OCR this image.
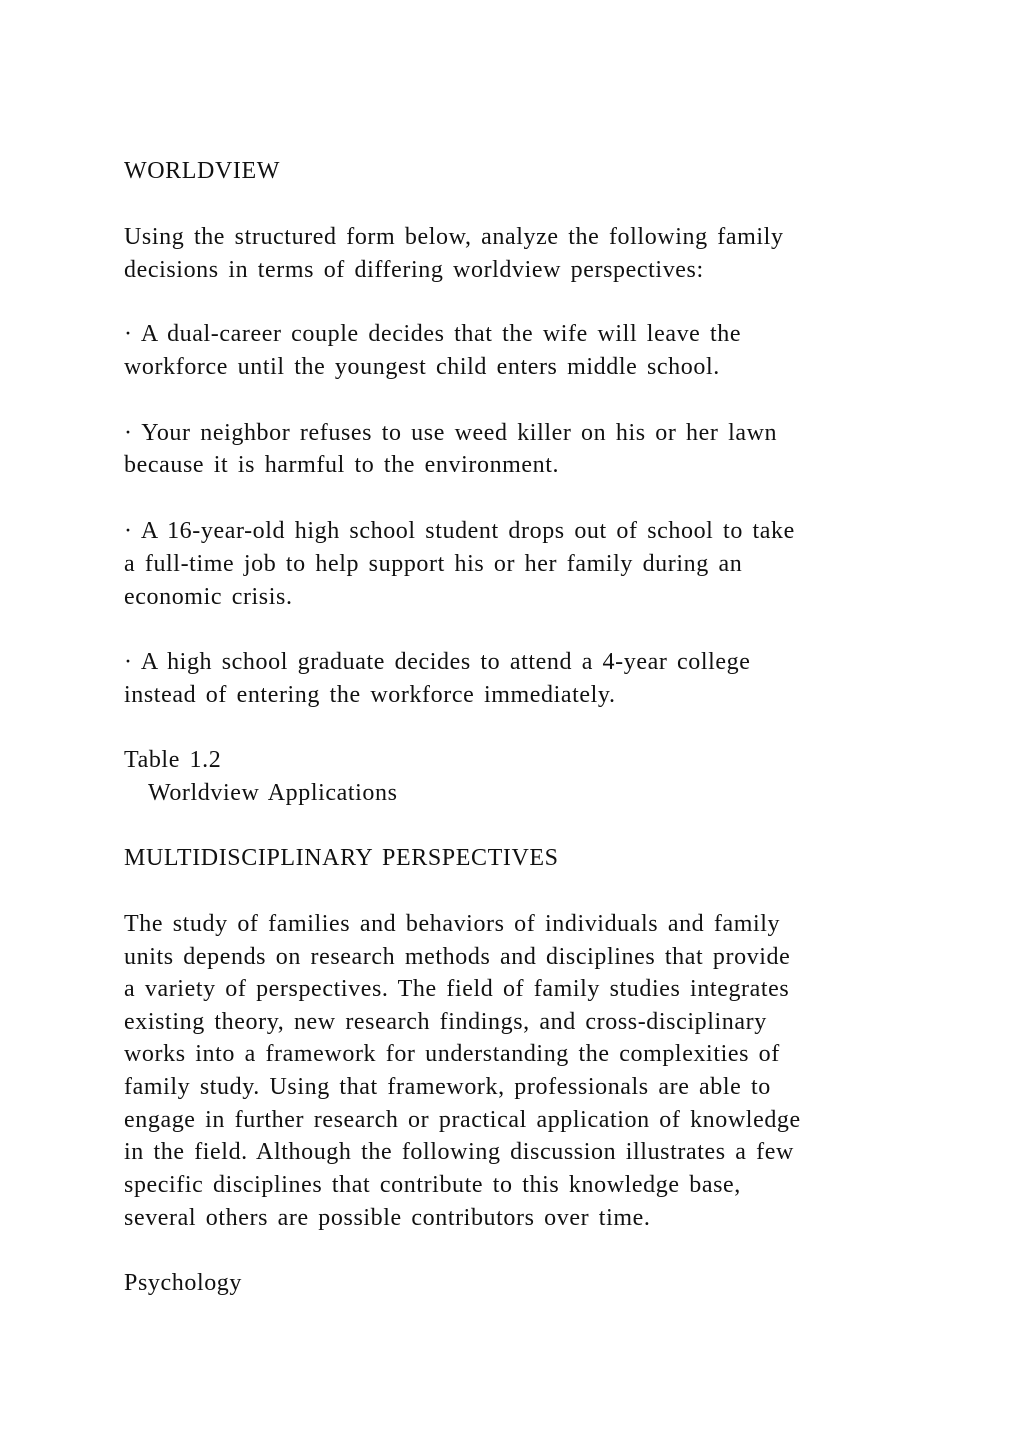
WORLDVIEW
Using the structured form below, analyze the following family
decisions in terms of differing worldview perspectives:
· A dual-career couple decides that the wife will leave the
workforce until the youngest child enters middle school.
· Your neighbor refuses to use weed killer on his or her lawn
because it is harmful to the environment.
· A 16-year-old high school student drops out of school to take
a full-time job to help support his or her family during an
economic crisis.
· A high school graduate decides to attend a 4-year college
instead of entering the workforce immediately.
Table 1.2
Worldview Applications
MULTIDISCIPLINARY PERSPECTIVES
The study of families and behaviors of individuals and family
units depends on research methods and disciplines that provide
a variety of perspectives. The field of family studies integrates
existing theory, new research findings, and cross-disciplinary
works into a framework for understanding the complexities of
family study. Using that framework, professionals are able to
engage in further research or practical application of knowledge
in the field. Although the following discussion illustrates a few
specific disciplines that contribute to this knowledge base,
several others are possible contributors over time.
Psychology
